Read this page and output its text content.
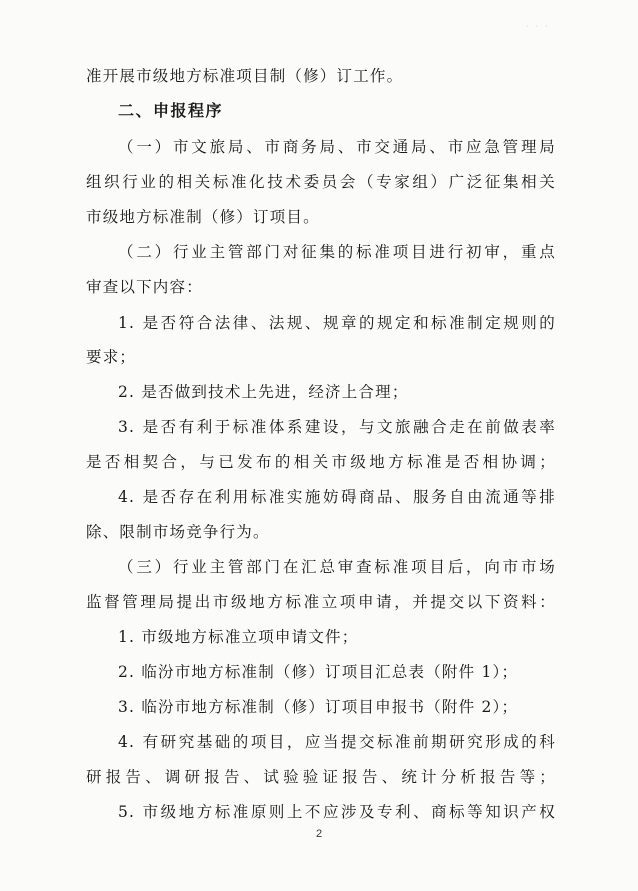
· · ·
准开展市级地方标准项目制（修）订工作。
二、申报程序
（一）市文旅局、市商务局、市交通局、市应急管理局
组织行业的相关标准化技术委员会（专家组）广泛征集相关
市级地方标准制（修）订项目。
（二）行业主管部门对征集的标准项目进行初审，重点
审查以下内容：
1. 是否符合法律、法规、规章的规定和标准制定规则的
要求；
2. 是否做到技术上先进，经济上合理；
3. 是否有利于标准体系建设，与文旅融合走在前做表率
是否相契合，与已发布的相关市级地方标准是否相协调；
4. 是否存在利用标准实施妨碍商品、服务自由流通等排
除、限制市场竞争行为。
（三）行业主管部门在汇总审查标准项目后，向市市场
监督管理局提出市级地方标准立项申请，并提交以下资料：
1. 市级地方标准立项申请文件；
2. 临汾市地方标准制（修）订项目汇总表（附件 1）；
3. 临汾市地方标准制（修）订项目申报书（附件 2）；
4. 有研究基础的项目，应当提交标准前期研究形成的科
研报告、调研报告、试验验证报告、统计分析报告等；
5. 市级地方标准原则上不应涉及专利、商标等知识产权
2
